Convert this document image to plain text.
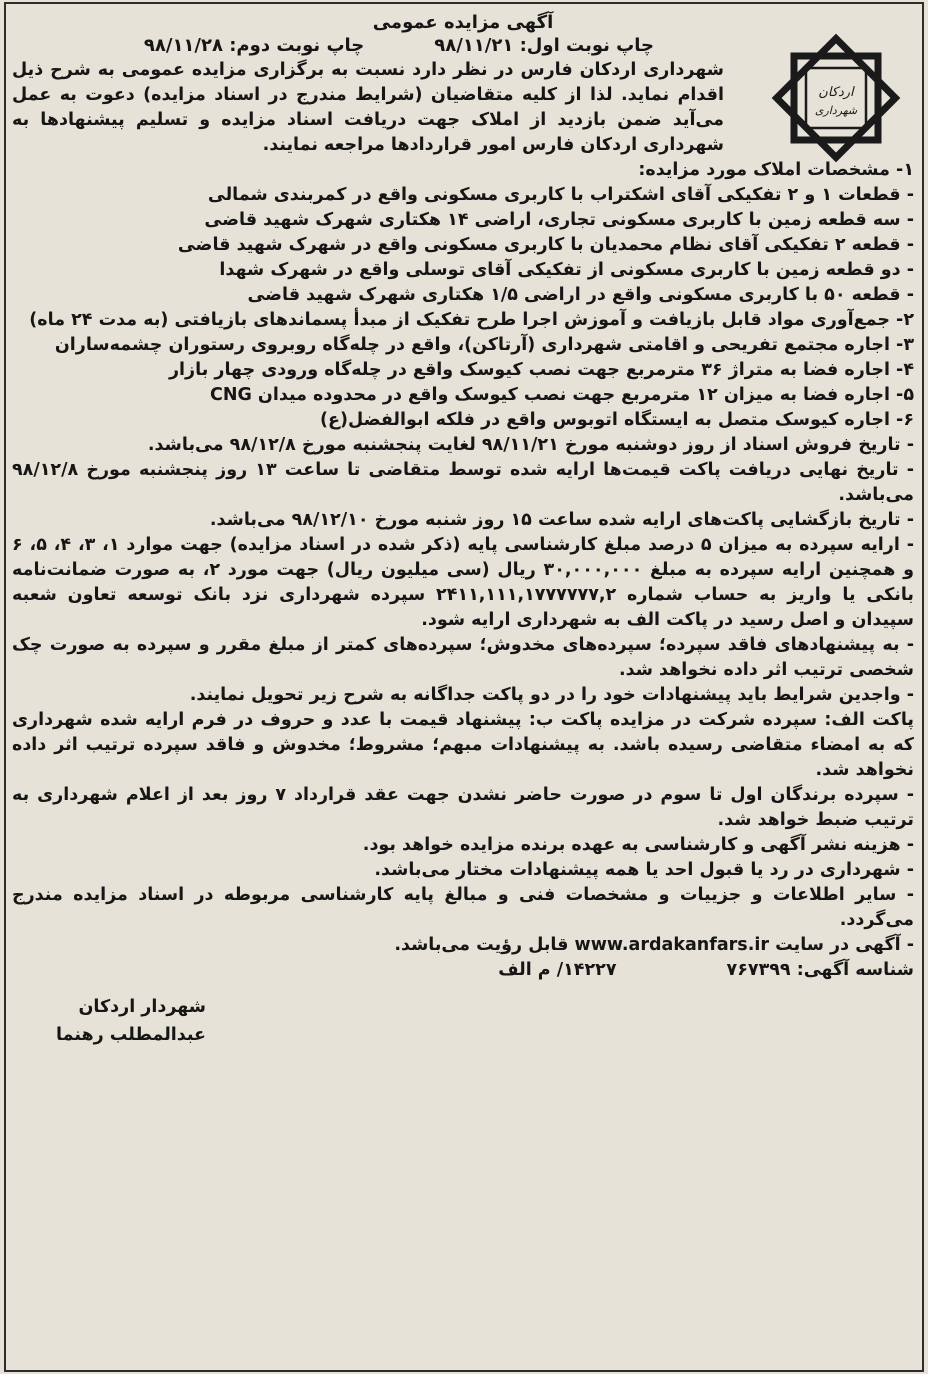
اردکان
شهرداری
آگهی مزایده عمومی
چاپ نوبت اول: ۹۸/۱۱/۲۱
چاپ نوبت دوم: ۹۸/۱۱/۲۸

شهرداری اردکان فارس در نظر دارد نسبت به برگزاری مزایده عمومی به شرح ذیل اقدام نماید. لذا از کلیه متقاضیان (شرایط مندرج در اسناد مزایده) دعوت به عمل می‌آید ضمن بازدید از املاک جهت دریافت اسناد مزایده و تسلیم پیشنهادها به شهرداری اردکان فارس امور قراردادها مراجعه نمایند.

۱- مشخصات املاک مورد مزایده:

- قطعات ۱ و ۲ تفکیکی آقای اشکتراب با کاربری مسکونی واقع در کمربندی شمالی

- سه قطعه زمین با کاربری مسکونی تجاری، اراضی ۱۴ هکتاری شهرک شهید قاضی

- قطعه ۲ تفکیکی آقای نظام محمدیان با کاربری مسکونی واقع در شهرک شهید قاضی

- دو قطعه زمین با کاربری مسکونی از تفکیکی آقای توسلی واقع در شهرک شهدا

- قطعه ۵۰ با کاربری مسکونی واقع در اراضی ۱/۵ هکتاری شهرک شهید قاضی

۲- جمع‌آوری مواد قابل بازیافت و آموزش اجرا طرح تفکیک از مبدأ پسماندهای بازیافتی (به مدت ۲۴ ماه)

۳- اجاره مجتمع تفریحی و اقامتی شهرداری (آرتاکن)، واقع در چله‌گاه روبروی رستوران چشمه‌ساران

۴- اجاره فضا به متراژ ۳۶ مترمربع جهت نصب کیوسک واقع در چله‌گاه ورودی چهار بازار

۵- اجاره فضا به میزان ۱۲ مترمربع جهت نصب کیوسک واقع در محدوده میدان CNG

۶- اجاره کیوسک متصل به ایستگاه اتوبوس واقع در فلکه ابوالفضل(ع)

- تاریخ فروش اسناد از روز دوشنبه مورخ ۹۸/۱۱/۲۱ لغایت پنجشنبه مورخ ۹۸/۱۲/۸ می‌باشد.

- تاریخ نهایی دریافت پاکت قیمت‌ها ارایه شده توسط متقاضی تا ساعت ۱۳ روز پنجشنبه مورخ ۹۸/۱۲/۸ می‌باشد.

- تاریخ بازگشایی پاکت‌های ارایه شده ساعت ۱۵ روز شنبه مورخ ۹۸/۱۲/۱۰ می‌باشد.

- ارایه سپرده به میزان ۵ درصد مبلغ کارشناسی پایه (ذکر شده در اسناد مزایده) جهت موارد ۱، ۳، ۴، ۵، ۶ و همچنین ارایه سپرده به مبلغ ۳۰,۰۰۰,۰۰۰ ریال (سی میلیون ریال) جهت مورد ۲، به صورت ضمانت‌نامه بانکی یا واریز به حساب شماره ۲۴۱۱,۱۱۱,۱۷۷۷۷۷۷,۲ سپرده شهرداری نزد بانک توسعه تعاون شعبه سپیدان و اصل رسید در پاکت الف به شهرداری ارایه شود.

- به پیشنهادهای فاقد سپرده؛ سپرده‌های مخدوش؛ سپرده‌های کمتر از مبلغ مقرر و سپرده به صورت چک شخصی ترتیب اثر داده نخواهد شد.

- واجدین شرایط باید پیشنهادات خود را در دو پاکت جداگانه به شرح زیر تحویل نمایند.

پاکت الف: سپرده شرکت در مزایده پاکت ب: پیشنهاد قیمت با عدد و حروف در فرم ارایه شده شهرداری که به امضاء متقاضی رسیده باشد. به پیشنهادات مبهم؛ مشروط؛ مخدوش و فاقد سپرده ترتیب اثر داده نخواهد شد.

- سپرده برندگان اول تا سوم در صورت حاضر نشدن جهت عقد قرارداد ۷ روز بعد از اعلام شهرداری به ترتیب ضبط خواهد شد.

- هزینه نشر آگهی و کارشناسی به عهده برنده مزایده خواهد بود.

- شهرداری در رد یا قبول احد یا همه پیشنهادات مختار می‌باشد.

- سایر اطلاعات و جزییات و مشخصات فنی و مبالغ پایه کارشناسی مربوطه در اسناد مزایده مندرج می‌گردد.

- آگهی در سایت www.ardakanfars.ir قابل رؤیت می‌باشد.

شناسه آگهی: ۷۶۷۳۹۹
۱۴۲۲۷/ م الف
شهردار اردکان
عبدالمطلب رهنما
